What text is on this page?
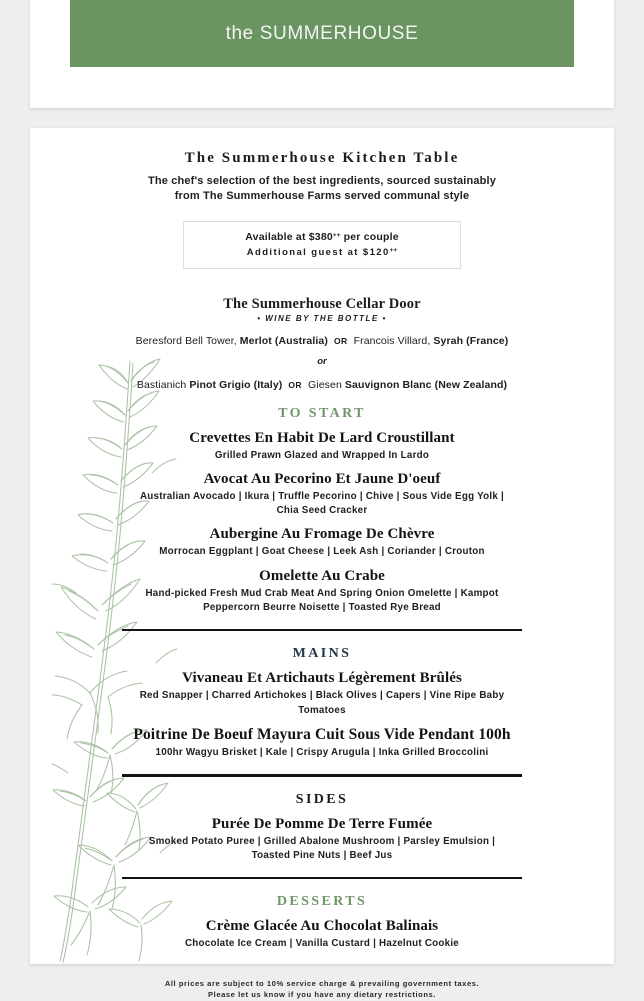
the SUMMERHOUSE
The Summerhouse Kitchen Table
The chef's selection of the best ingredients, sourced sustainably
from The Summerhouse Farms served communal style
Available at $380++ per couple
Additional guest at $120++
The Summerhouse Cellar Door
• WINE BY THE BOTTLE •
Beresford Bell Tower, Merlot (Australia) OR Francois Villard, Syrah (France)
or
Bastianich Pinot Grigio (Italy) OR Giesen Sauvignon Blanc (New Zealand)
TO START
Crevettes En Habit De Lard Croustillant
Grilled Prawn Glazed and Wrapped In Lardo
Avocat Au Pecorino Et Jaune D'oeuf
Australian Avocado | Ikura | Truffle Pecorino | Chive | Sous Vide Egg Yolk | Chia Seed Cracker
Aubergine Au Fromage De Chèvre
Morrocan Eggplant | Goat Cheese | Leek Ash | Coriander | Crouton
Omelette Au Crabe
Hand-picked Fresh Mud Crab Meat And Spring Onion Omelette | Kampot Peppercorn Beurre Noisette | Toasted Rye Bread
MAINS
Vivaneau Et Artichauts Légèrement Brûlés
Red Snapper | Charred Artichokes | Black Olives | Capers | Vine Ripe Baby Tomatoes
Poitrine De Boeuf Mayura Cuit Sous Vide Pendant 100h
100hr Wagyu Brisket | Kale | Crispy Arugula | Inka Grilled Broccolini
SIDES
Purée De Pomme De Terre Fumée
Smoked Potato Puree | Grilled Abalone Mushroom | Parsley Emulsion | Toasted Pine Nuts | Beef Jus
DESSERTS
Crème Glacée Au Chocolat Balinais
Chocolate Ice Cream | Vanilla Custard | Hazelnut Cookie
All prices are subject to 10% service charge & prevailing government taxes.
Please let us know if you have any dietary restrictions.
